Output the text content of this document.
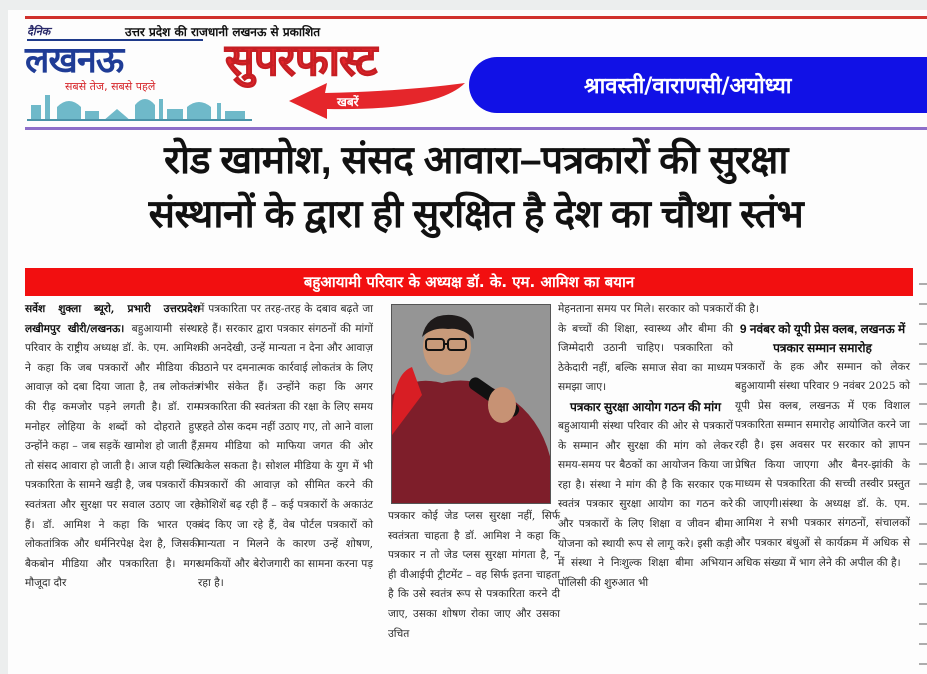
दैनिक	उत्तर प्रदेश की राजधानी लखनऊ से प्रकाशित
लखनऊ
सबसे तेज, सबसे पहले
सुपरफास्ट
खबरें
श्रावस्ती/वाराणसी/अयोध्या
रोड खामोश, संसद आवारा–पत्रकारों की सुरक्षा
संस्थानों के द्वारा ही सुरक्षित है देश का चौथा स्तंभ
बहुआयामी परिवार के अध्यक्ष डॉ. के. एम. आमिश का बयान

सर्वेश शुक्ला ब्यूरो, प्रभारी उत्तरप्रदेश लखीमपुर खीरी/लखनऊ। बहुआयामी संस्था परिवार के राष्ट्रीय अध्यक्ष डॉ. के. एम. आमिश ने कहा कि जब पत्रकारों और मीडिया की आवाज़ को दबा दिया जाता है, तब लोकतंत्र की रीढ़ कमजोर पड़ने लगती है। डॉ. राम मनोहर लोहिया के शब्दों को दोहराते हुए उन्होंने कहा – जब सड़कें खामोश हो जाती हैं, तो संसद आवारा हो जाती है। आज यही स्थिति पत्रकारिता के सामने खड़ी है, जब पत्रकारों की स्वतंत्रता और सुरक्षा पर सवाल उठाए जा रहे हैं। डॉ. आमिश ने कहा कि भारत एक लोकतांत्रिक और धर्मनिरपेक्ष देश है, जिसकी बैकबोन मीडिया और पत्रकारिता है। मगर मौजूदा दौर

में पत्रकारिता पर तरह-तरह के दबाव बढ़ते जा रहे हैं। सरकार द्वारा पत्रकार संगठनों की मांगों की अनदेखी, उन्हें मान्यता न देना और आवाज़ उठाने पर दमनात्मक कार्रवाई लोकतंत्र के लिए गंभीर संकेत हैं। उन्होंने कहा कि अगर पत्रकारिता की स्वतंत्रता की रक्षा के लिए समय रहते ठोस कदम नहीं उठाए गए, तो आने वाला समय मीडिया को माफिया जगत की ओर धकेल सकता है। सोशल मीडिया के युग में भी पत्रकारों की आवाज़ को सीमित करने की कोशिशें बढ़ रही हैं – कई पत्रकारों के अकाउंट बंद किए जा रहे हैं, वेब पोर्टल पत्रकारों को मान्यता न मिलने के कारण उन्हें शोषण, धमकियों और बेरोजगारी का सामना करना पड़ रहा है।

पत्रकार कोई जेड प्लस सुरक्षा नहीं, सिर्फ स्वतंत्रता चाहता है डॉ. आमिश ने कहा कि पत्रकार न तो जेड प्लस सुरक्षा मांगता है, न ही वीआईपी ट्रीटमेंट – वह सिर्फ इतना चाहता है कि उसे स्वतंत्र रूप से पत्रकारिता करने दी जाए, उसका शोषण रोका जाए और उसका उचित

मेहनताना समय पर मिले। सरकार को पत्रकारों के बच्चों की शिक्षा, स्वास्थ्य और बीमा की जिम्मेदारी उठानी चाहिए। पत्रकारिता को ठेकेदारी नहीं, बल्कि समाज सेवा का माध्यम समझा जाए।

पत्रकार सुरक्षा आयोग गठन की मांग

बहुआयामी संस्था परिवार की ओर से पत्रकारों के सम्मान और सुरक्षा की मांग को लेकर समय-समय पर बैठकों का आयोजन किया जा रहा है। संस्था ने मांग की है कि सरकार एक स्वतंत्र पत्रकार सुरक्षा आयोग का गठन करे और पत्रकारों के लिए शिक्षा व जीवन बीमा योजना को स्थायी रूप से लागू करे। इसी कड़ी में संस्था ने निःशुल्क शिक्षा बीमा अभियान पॉलिसी की शुरुआत भी

की है।

9 नवंबर को यूपी प्रेस क्लब, लखनऊ में पत्रकार सम्मान समारोह

पत्रकारों के हक और सम्मान को लेकर बहुआयामी संस्था परिवार 9 नवंबर 2025 को यूपी प्रेस क्लब, लखनऊ में एक विशाल पत्रकारिता सम्मान समारोह आयोजित करने जा रही है। इस अवसर पर सरकार को ज्ञापन प्रेषित किया जाएगा और बैनर-झांकी के माध्यम से पत्रकारिता की सच्ची तस्वीर प्रस्तुत की जाएगी।संस्था के अध्यक्ष डॉ. के. एम. आमिश ने सभी पत्रकार संगठनों, संचालकों और पत्रकार बंधुओं से कार्यक्रम में अधिक से अधिक संख्या में भाग लेने की अपील की है।
